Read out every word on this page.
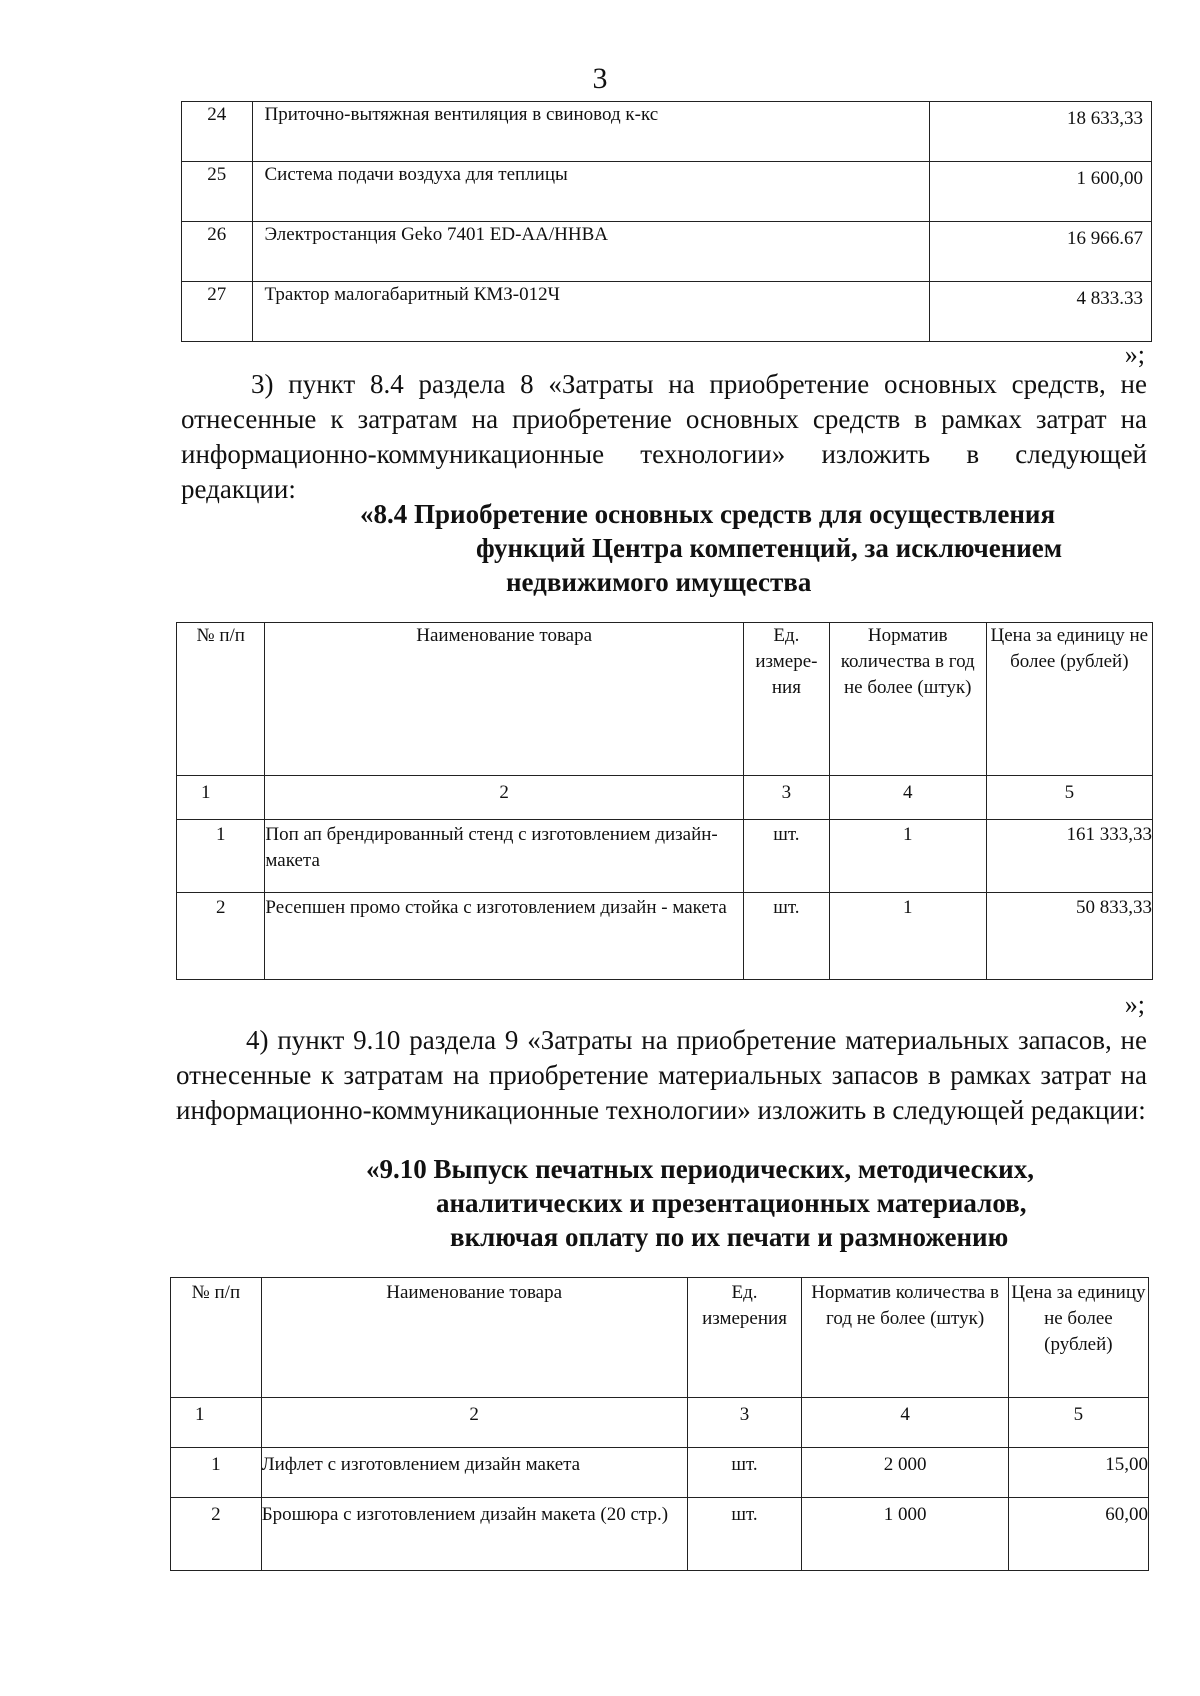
3
24	Приточно-вытяжная вентиляция в свиновод к-кс	18 633,33
25	Система подачи воздуха для теплицы	1 600,00
26	Электростанция Geko 7401 ED-AA/HHBA	16 966.67
27	Трактор малогабаритный КМЗ-012Ч	4 833.33
»;

3) пункт 8.4 раздела 8 «Затраты на приобретение основных средств, не отнесенные к затратам на приобретение основных средств в рамках затрат на информационно-коммуникационные технологии» изложить в следующей редакции:

«8.4 Приобретение основных средств для осуществления
функций Центра компетенций, за исключением
недвижимого имущества
№ п/п	Наименование товара	Ед. измере-ния	Норматив количества в год не более (штук)	Цена за единицу не более (рублей)
1	2	3	4	5
1	Поп ап брендированный стенд с изготовлением дизайн-макета	шт.	1	161 333,33
2	Ресепшен промо стойка с изготовлением дизайн - макета	шт.	1	50 833,33
»;

4) пункт 9.10 раздела 9 «Затраты на приобретение материальных запасов, не отнесенные к затратам на приобретение материальных запасов в рамках затрат на информационно-коммуникационные технологии» изложить в следующей редакции:

«9.10 Выпуск печатных периодических, методических,
аналитических и презентационных материалов,
включая оплату по их печати и размножению
№ п/п	Наименование товара	Ед. измерения	Норматив количества в год не более (штук)	Цена за единицу не более (рублей)
1	2	3	4	5
1	Лифлет с изготовлением дизайн макета	шт.	2 000	15,00
2	Брошюра с изготовлением дизайн макета (20 стр.)	шт.	1 000	60,00
